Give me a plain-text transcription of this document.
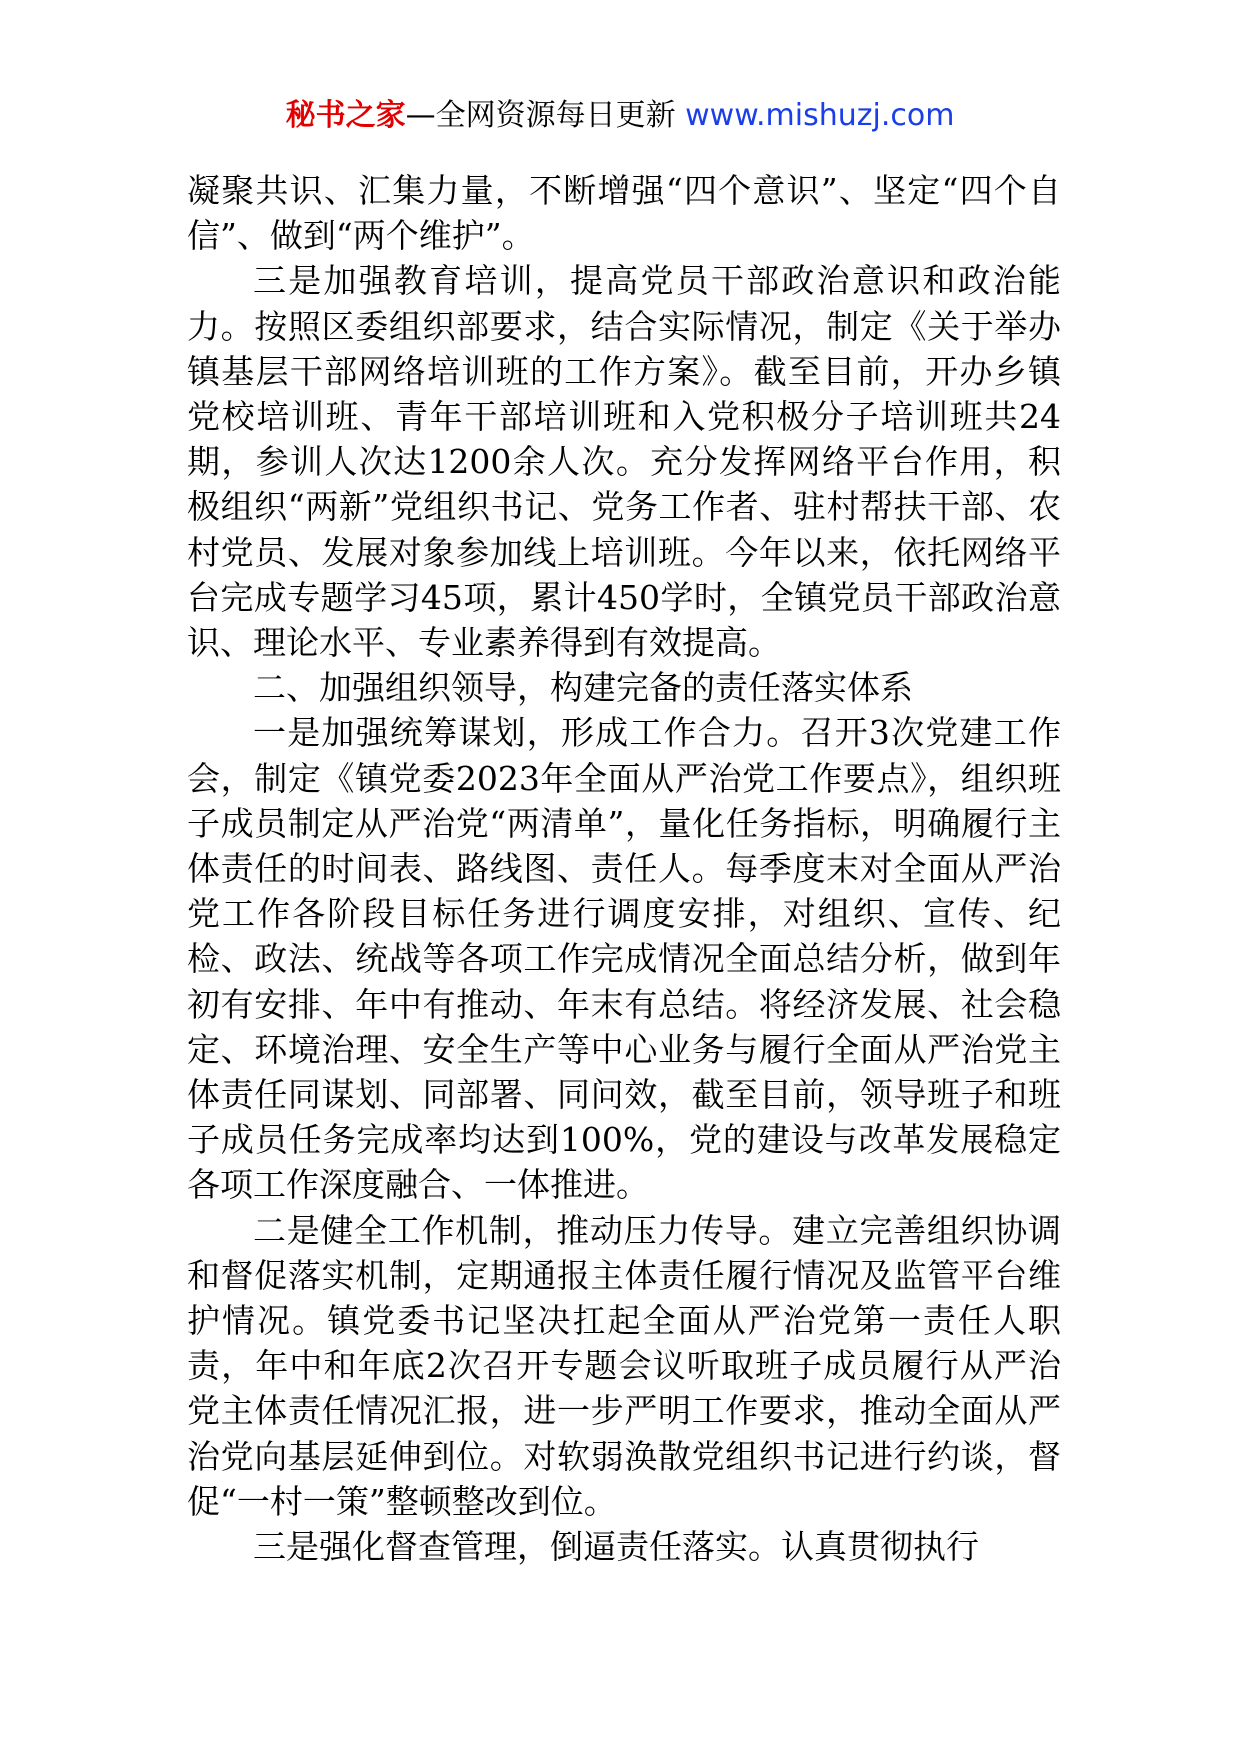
秘书之家—全网资源每日更新 www.mishuzj.com

凝聚共识、汇集力量，不断增强“四个意识”、坚定“四个自信”、做到“两个维护”。

三是加强教育培训，提高党员干部政治意识和政治能力。按照区委组织部要求，结合实际情况，制定《关于举办镇基层干部网络培训班的工作方案》。截至目前，开办乡镇党校培训班、青年干部培训班和入党积极分子培训班共24期，参训人次达1200余人次。充分发挥网络平台作用，积极组织“两新”党组织书记、党务工作者、驻村帮扶干部、农村党员、发展对象参加线上培训班。今年以来，依托网络平台完成专题学习45项，累计450学时，全镇党员干部政治意识、理论水平、专业素养得到有效提高。

二、加强组织领导，构建完备的责任落实体系

一是加强统筹谋划，形成工作合力。召开3次党建工作会，制定《镇党委2023年全面从严治党工作要点》，组织班子成员制定从严治党“两清单”，量化任务指标，明确履行主体责任的时间表、路线图、责任人。每季度末对全面从严治党工作各阶段目标任务进行调度安排，对组织、宣传、纪检、政法、统战等各项工作完成情况全面总结分析，做到年初有安排、年中有推动、年末有总结。将经济发展、社会稳定、环境治理、安全生产等中心业务与履行全面从严治党主体责任同谋划、同部署、同问效，截至目前，领导班子和班子成员任务完成率均达到100%，党的建设与改革发展稳定各项工作深度融合、一体推进。

二是健全工作机制，推动压力传导。建立完善组织协调和督促落实机制，定期通报主体责任履行情况及监管平台维护情况。镇党委书记坚决扛起全面从严治党第一责任人职责，年中和年底2次召开专题会议听取班子成员履行从严治党主体责任情况汇报，进一步严明工作要求，推动全面从严治党向基层延伸到位。对软弱涣散党组织书记进行约谈，督促“一村一策”整顿整改到位。

三是强化督查管理，倒逼责任落实。认真贯彻执行
